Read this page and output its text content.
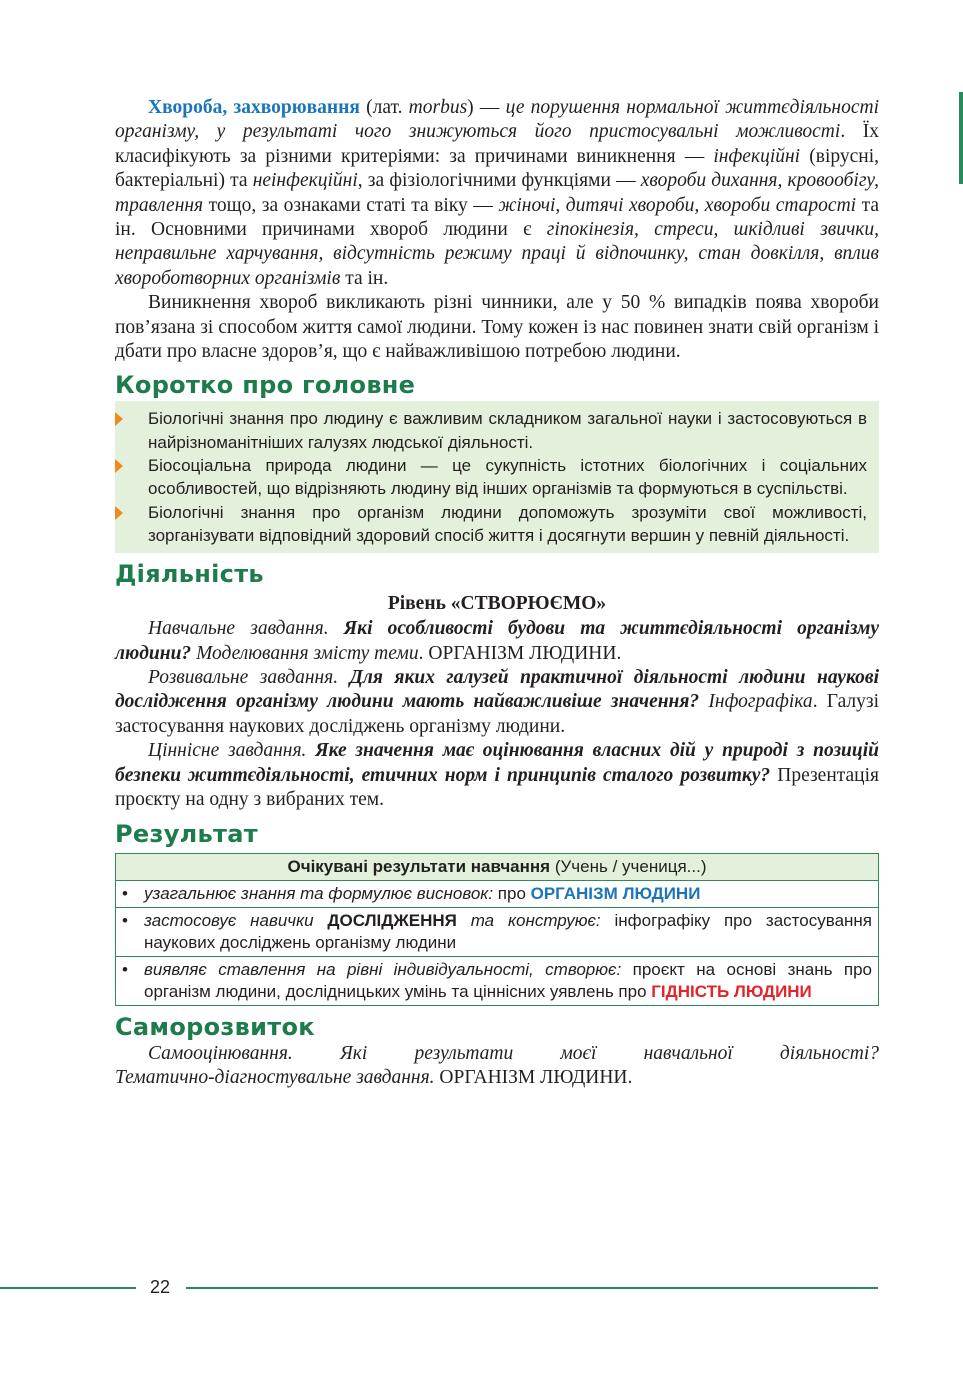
Хвороба, захворювання (лат. morbus) — це порушення нормальної життєдіяльності організму, у результаті чого знижуються його пристосувальні можливості. Їх класифікують за різними критеріями: за причинами виникнення — інфекційні (вірусні, бактеріальні) та неінфекційні, за фізіологічними функціями — хвороби дихання, кровообігу, травлення тощо, за ознаками статі та віку — жіночі, дитячі хвороби, хвороби старості та ін. Основними причинами хвороб людини є гіпокінезія, стреси, шкідливі звички, неправильне харчування, відсутність режиму праці й відпочинку, стан довкілля, вплив хвороботворних організмів та ін.

Виникнення хвороб викликають різні чинники, але у 50 % випадків поява хвороби пов’язана зі способом життя самої людини. Тому кожен із нас повинен знати свій організм і дбати про власне здоров’я, що є найважливішою потребою людини.

Коротко про головне
Біологічні знання про людину є важливим складником загальної науки і застосовуються в найрізноманітніших галузях людської діяльності.
Біосоціальна природа людини — це сукупність істотних біологічних і соціальних особливостей, що відрізняють людину від інших організмів та формуються в суспільстві.
Біологічні знання про організм людини допоможуть зрозуміти свої можливості, зорганізувати відповідний здоровий спосіб життя і досягнути вершин у певній діяльності.
Діяльність
Рівень «СТВОРЮЄМО»

Навчальне завдання. Які особливості будови та життєдіяльності організму людини? Моделювання змісту теми. ОРГАНІЗМ ЛЮДИНИ.

Розвивальне завдання. Для яких галузей практичної діяльності людини наукові дослідження організму людини мають найважливіше значення? Інфографіка. Галузі застосування наукових досліджень організму людини.

Ціннісне завдання. Яке значення має оцінювання власних дій у природі з позицій безпеки життєдіяльності, етичних норм і принципів сталого розвитку? Презентація проєкту на одну з вибраних тем.

Результат
Очікувані результати навчання (Учень / учениця...)

• узагальнює знання та формулює висновок: про ОРГАНІЗМ ЛЮДИНИ

• застосовує навички ДОСЛІДЖЕННЯ та конструює: інфографіку про застосування наукових досліджень організму людини

• виявляє ставлення на рівні індивідуальності, створює: проєкт на основі знань про організм людини, дослідницьких умінь та ціннісних уявлень про ГІДНІСТЬ ЛЮДИНИ
Саморозвиток

Самооцінювання. Які результати моєї навчальної діяльності?

Тематично-діагностувальне завдання. ОРГАНІЗМ ЛЮДИНИ.

22
